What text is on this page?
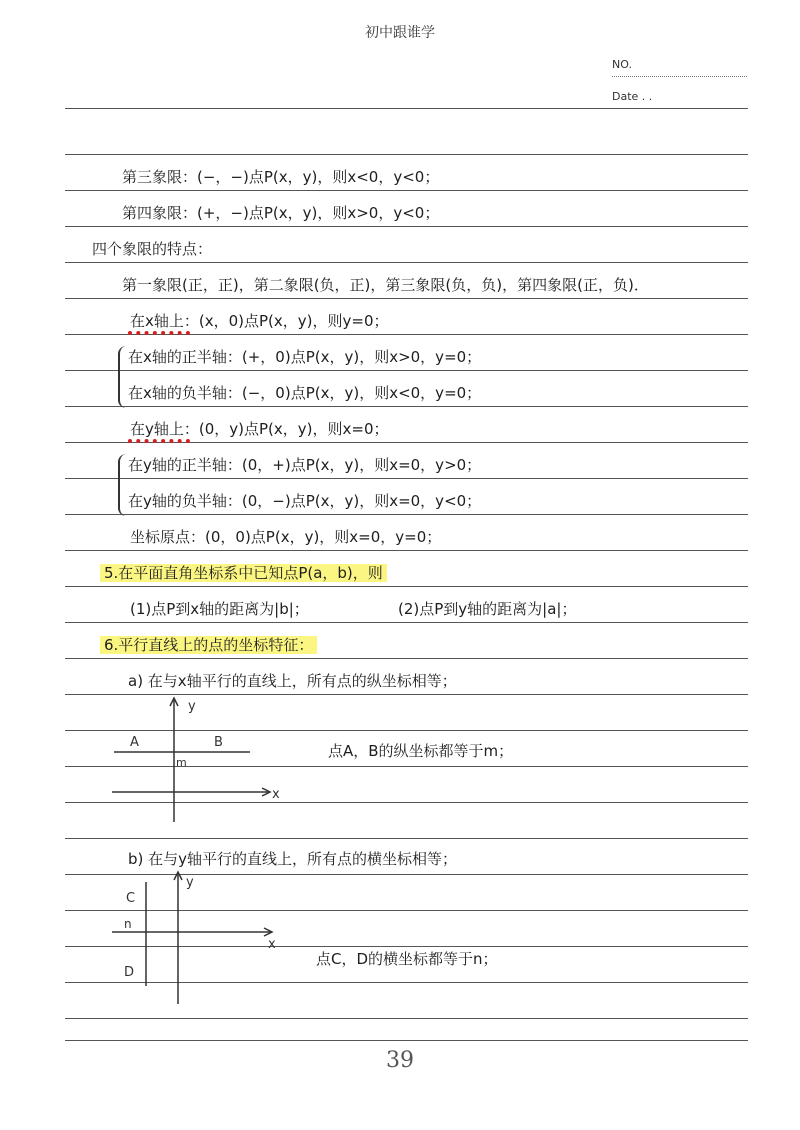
初中跟谁学
NO.
Date . .
第三象限：(−，−)点P(x，y)，则x<0，y<0；
第四象限：(+，−)点P(x，y)，则x>0，y<0；
四个象限的特点：
第一象限(正，正)，第二象限(负，正)，第三象限(负，负)，第四象限(正，负)．
在x轴上：(x，0)点P(x，y)，则y=0；
在x轴的正半轴：(+，0)点P(x，y)，则x>0，y=0；
在x轴的负半轴：(−，0)点P(x，y)，则x<0，y=0；
在y轴上：(0，y)点P(x，y)，则x=0；
在y轴的正半轴：(0，+)点P(x，y)，则x=0，y>0；
在y轴的负半轴：(0，−)点P(x，y)，则x=0，y<0；
坐标原点：(0，0)点P(x，y)，则x=0，y=0；
5.在平面直角坐标系中已知点P(a，b)，则
(1)点P到x轴的距离为|b|；	(2)点P到y轴的距离为|a|；
6.平行直线上的点的坐标特征：
a) 在与x轴平行的直线上，所有点的纵坐标相等；
y
x
A	B
m
点A，B的纵坐标都等于m；
b) 在与y轴平行的直线上，所有点的横坐标相等；
y
x
C
D
n
点C，D的横坐标都等于n；
39
